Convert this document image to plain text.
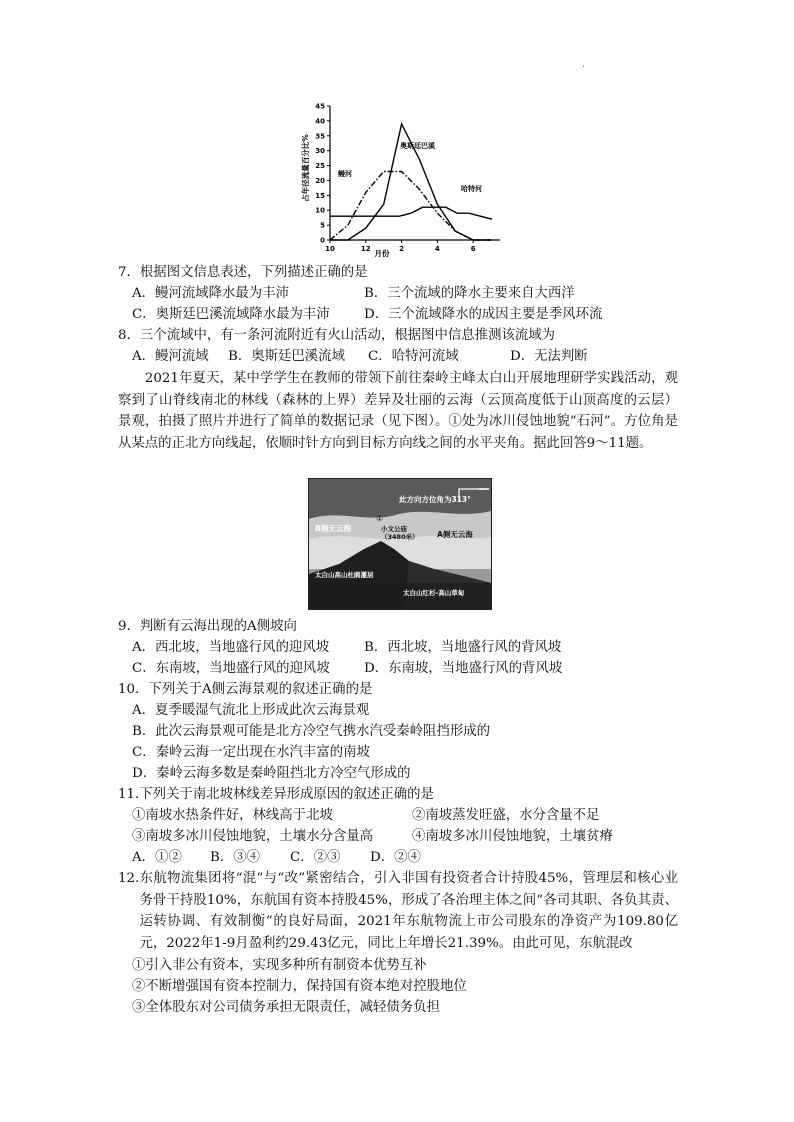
·
45
40
35
30
25
20
15
10
5
0
10	12	2	4	6
占年径流量百分比%
月份
奥斯廷巴溪
鳗河
哈特河
7．根据图文信息表述，下列描述正确的是
A．鳗河流域降水最为丰沛	B．三个流域的降水主要来自大西洋
C．奥斯廷巴溪流域降水最为丰沛	D．三个流域降水的成因主要是季风环流
8．三个流域中，有一条河流附近有火山活动，根据图中信息推测该流域为
A．鳗河流域 B．奥斯廷巴溪流域 C．哈特河流域	D．无法判断

2021年夏天，某中学学生在教师的带领下前往秦岭主峰太白山开展地理研学实践活动，观察到了山脊线南北的林线（森林的上界）差异及壮丽的云海（云顶高度低于山顶高度的云层）景观，拍摄了照片并进行了简单的数据记录（见下图）。①处为冰川侵蚀地貌“石河”。方位角是从某点的正北方向线起，依顺时针方向到目标方向线之间的水平夹角。据此回答9～11题。

此方向方位角为313°
B侧无云海
A侧无云海
小文公庙
（3480米）
①
太白山高山杜鹃灌层
太白山红杉-高山草甸
9．判断有云海出现的A侧坡向
A．西北坡，当地盛行风的迎风坡	B．西北坡，当地盛行风的背风坡
C．东南坡，当地盛行风的迎风坡	D．东南坡，当地盛行风的背风坡
10．下列关于A侧云海景观的叙述正确的是
A．夏季暖湿气流北上形成此次云海景观
B．此次云海景观可能是北方冷空气携水汽受秦岭阻挡形成的
C．秦岭云海一定出现在水汽丰富的南坡
D．秦岭云海多数是秦岭阻挡北方冷空气形成的
11.下列关于南北坡林线差异形成原因的叙述正确的是
①南坡水热条件好，林线高于北坡	②南坡蒸发旺盛，水分含量不足
③南坡多冰川侵蚀地貌，土壤水分含量高	④南坡多冰川侵蚀地貌，土壤贫瘠
A．①② B．③④ C．②③ D．②④

12.东航物流集团将“混”与“改”紧密结合，引入非国有投资者合计持股45%，管理层和核心业务骨干持股10%，东航国有资本持股45%，形成了各治理主体之间“各司其职、各负其责、运转协调、有效制衡”的良好局面，2021年东航物流上市公司股东的净资产为109.80亿元，2022年1-9月盈利约29.43亿元，同比上年增长21.39%。由此可见，东航混改

①引入非公有资本，实现多种所有制资本优势互补
②不断增强国有资本控制力，保持国有资本绝对控股地位
③全体股东对公司债务承担无限责任，减轻债务负担
